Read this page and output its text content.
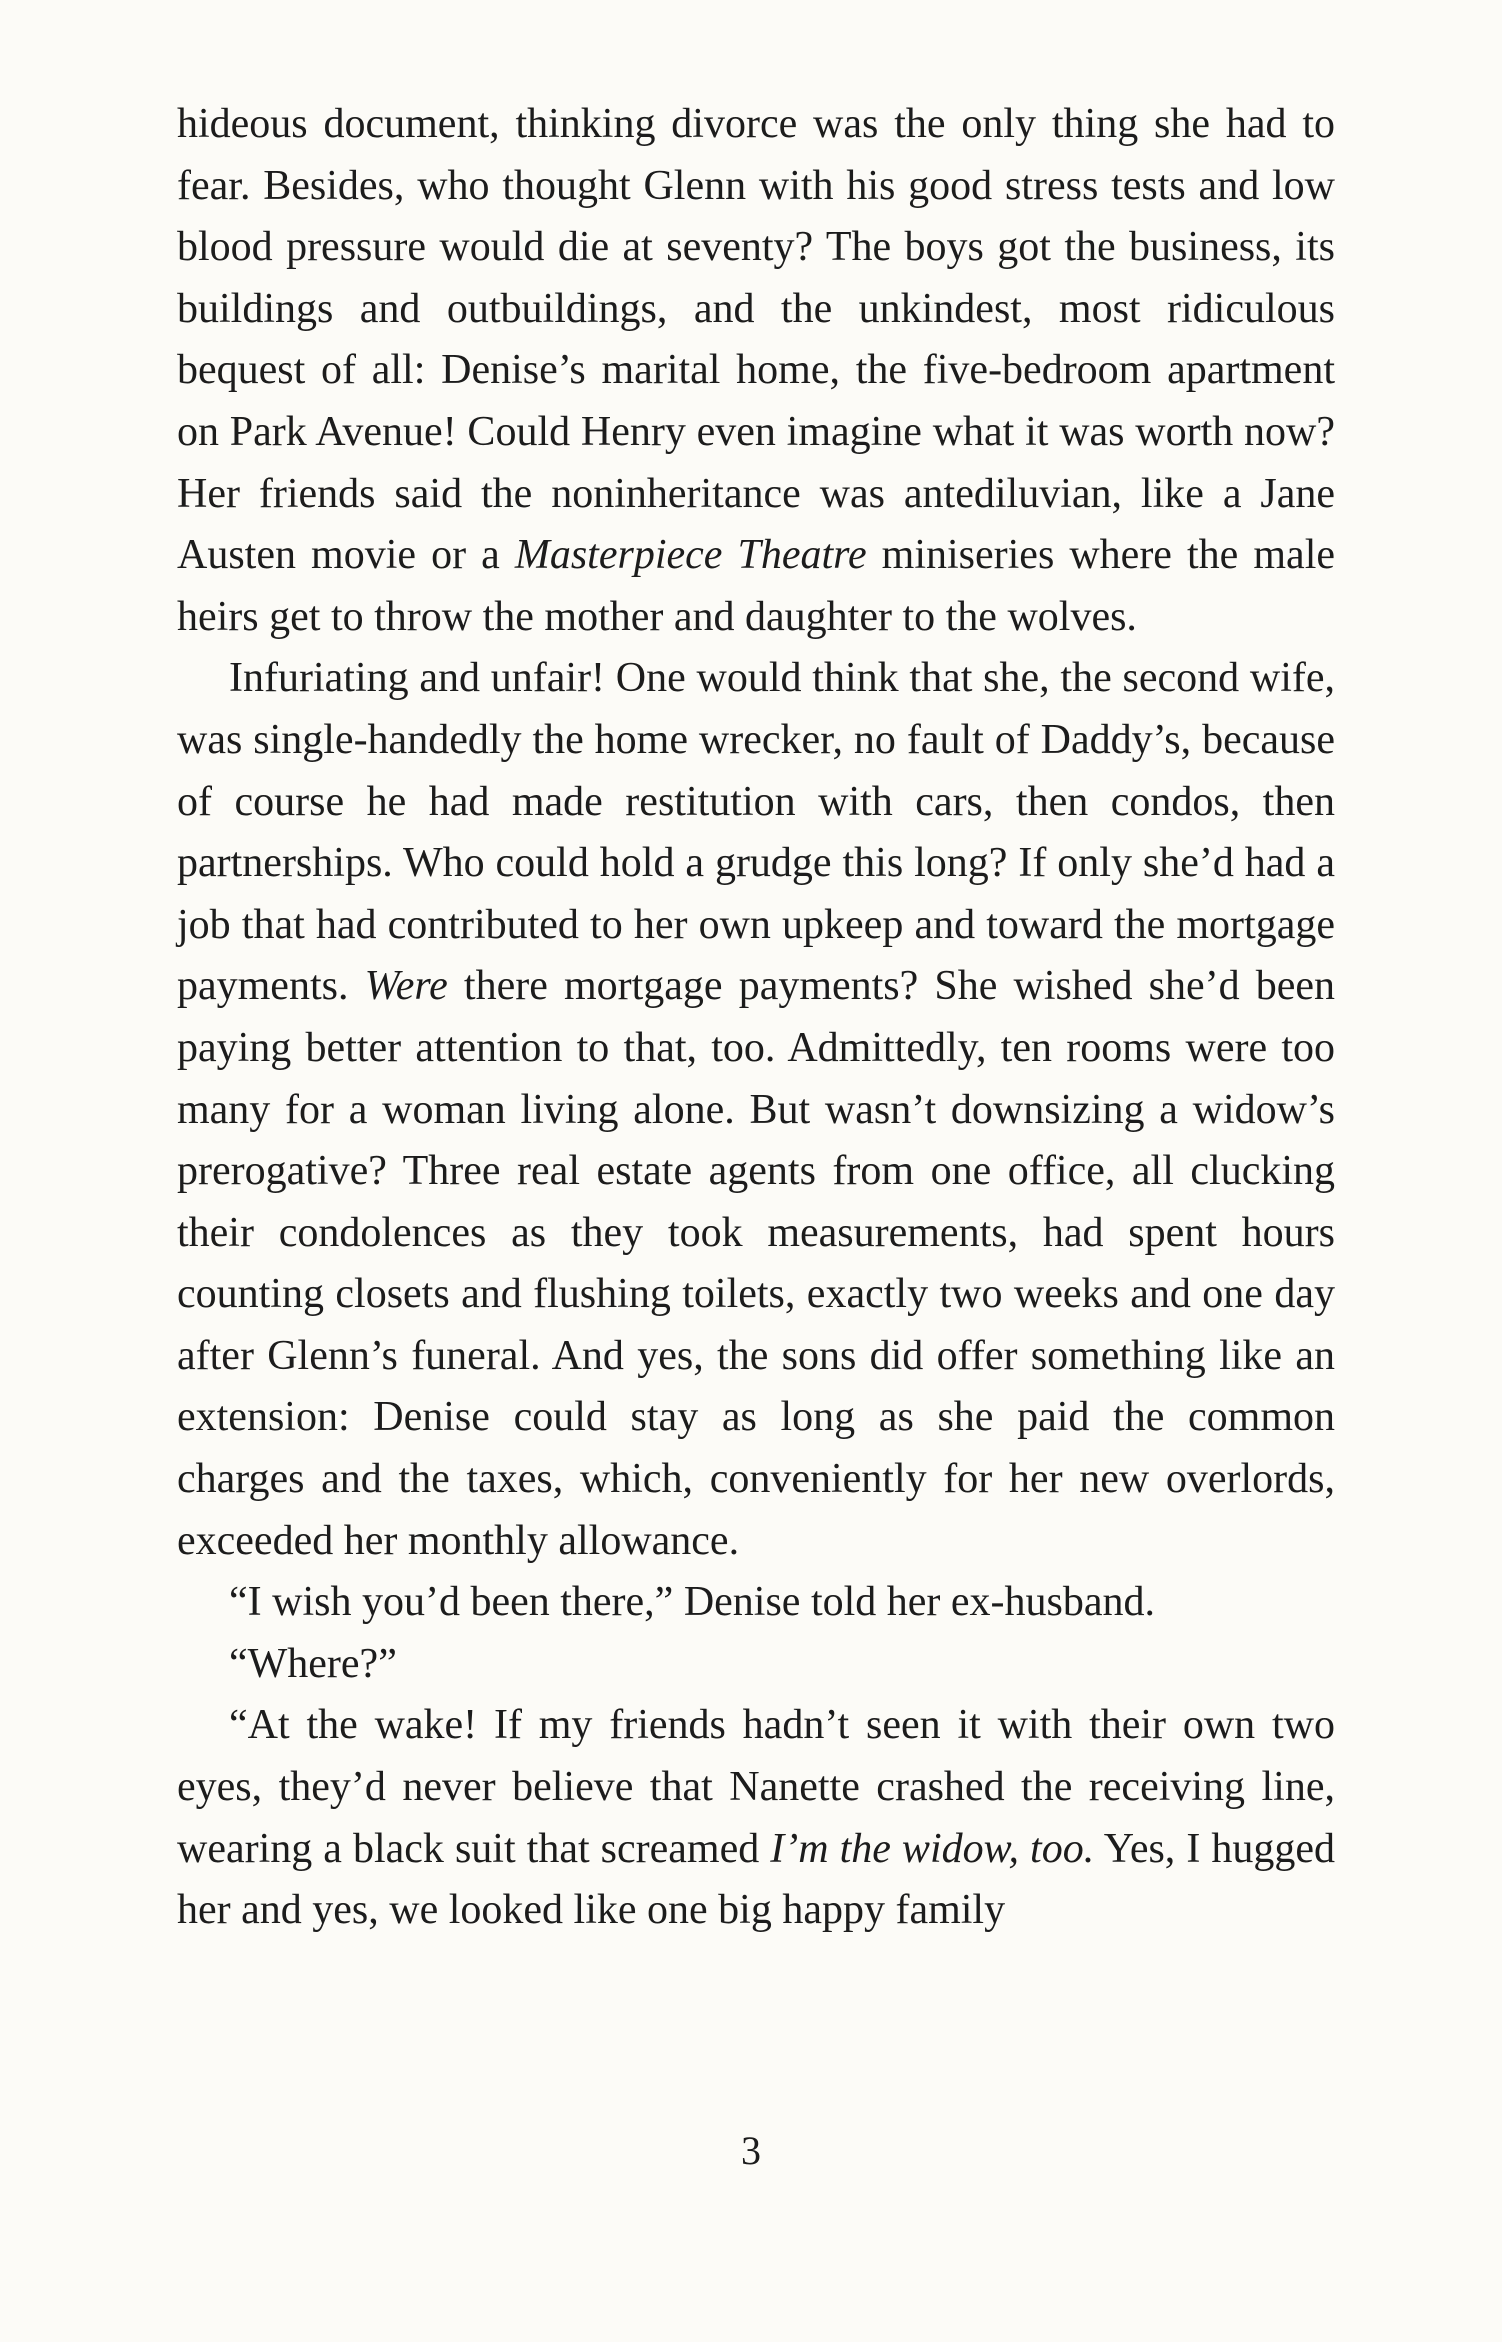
hideous document, thinking divorce was the only thing she had to fear. Besides, who thought Glenn with his good stress tests and low blood pressure would die at seventy? The boys got the business, its buildings and outbuildings, and the unkindest, most ridiculous bequest of all: Denise’s marital home, the five-bedroom apartment on Park Avenue! Could Henry even imagine what it was worth now? Her friends said the noninheritance was antediluvian, like a Jane Austen movie or a Masterpiece Theatre miniseries where the male heirs get to throw the mother and daughter to the wolves.

Infuriating and unfair! One would think that she, the second wife, was single-handedly the home wrecker, no fault of Daddy’s, because of course he had made restitution with cars, then condos, then partnerships. Who could hold a grudge this long? If only she’d had a job that had contributed to her own upkeep and toward the mortgage payments. Were there mortgage payments? She wished she’d been paying better attention to that, too. Admittedly, ten rooms were too many for a woman living alone. But wasn’t downsizing a widow’s prerogative? Three real estate agents from one office, all clucking their condolences as they took measurements, had spent hours counting closets and flushing toilets, exactly two weeks and one day after Glenn’s funeral. And yes, the sons did offer something like an extension: Denise could stay as long as she paid the common charges and the taxes, which, conveniently for her new overlords, exceeded her monthly allowance.

“I wish you’d been there,” Denise told her ex-husband.

“Where?”

“At the wake! If my friends hadn’t seen it with their own two eyes, they’d never believe that Nanette crashed the receiving line, wearing a black suit that screamed I’m the widow, too. Yes, I hugged her and yes, we looked like one big happy family

3
